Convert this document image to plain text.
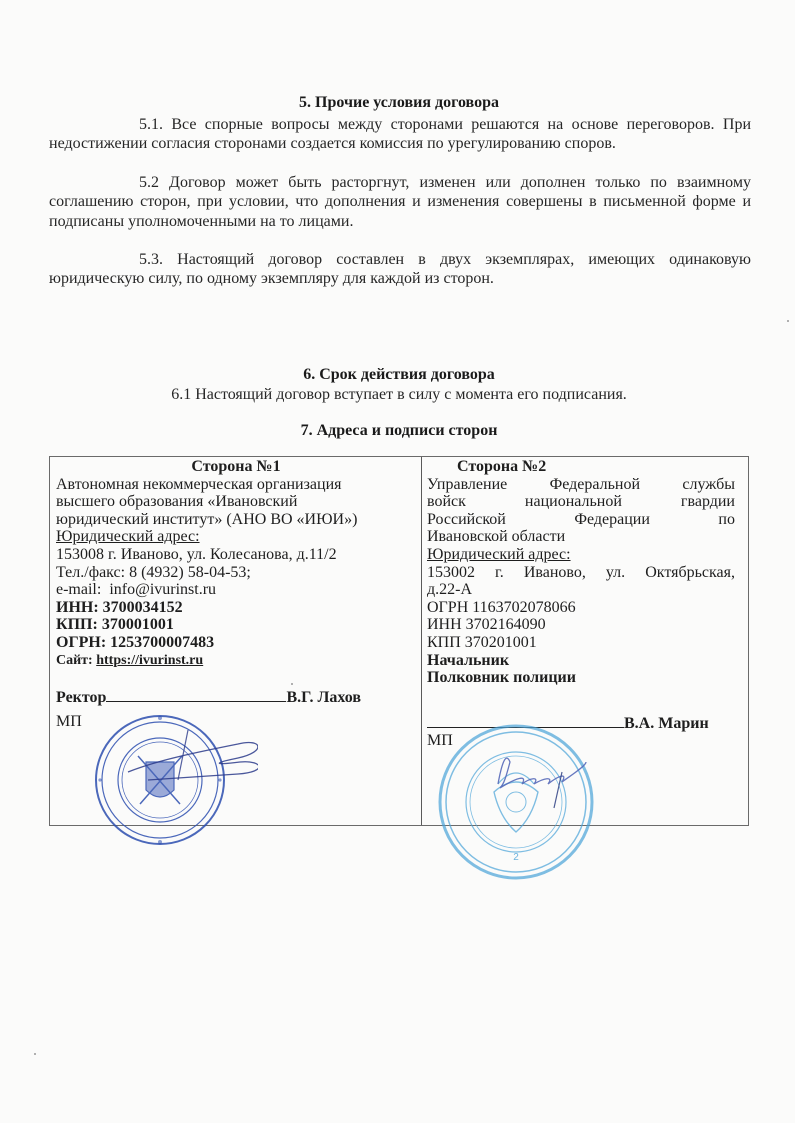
5. Прочие условия договора
5.1. Все спорные вопросы между сторонами решаются на основе переговоров. При недостижении согласия сторонами создается комиссия по урегулированию споров.
5.2 Договор может быть расторгнут, изменен или дополнен только по взаимному соглашению сторон, при условии, что дополнения и изменения совершены в письменной форме и подписаны уполномоченными на то лицами.
5.3. Настоящий договор составлен в двух экземплярах, имеющих одинаковую юридическую силу, по одному экземпляру для каждой из сторон.
6. Срок действия договора
6.1 Настоящий договор вступает в силу с момента его подписания.
7. Адреса и подписи сторон
Сторона №1
Автономная некоммерческая организация
высшего образования «Ивановский
юридический институт» (АНО ВО «ИЮИ»)
Юридический адрес:
153008 г. Иваново, ул. Колесанова, д.11/2
Тел./факс: 8 (4932) 58-04-53;
e-mail: info@ivurinst.ru
ИНН: 3700034152
КПП: 370001001
ОГРН: 1253700007483
Сайт: https://ivurinst.ru
Ректор	В.Г. Лахов
МП
Сторона №2
Управление Федеральной службы
войск национальной гвардии
Российской Федерации по
Ивановской области
Юридический адрес:
153002 г. Иваново, ул. Октябрьская,
д.22-А
ОГРН 1163702078066
ИНН 3702164090
КПП 370201001
Начальник
Полковник полиции
В.А. Марин
МП
2
